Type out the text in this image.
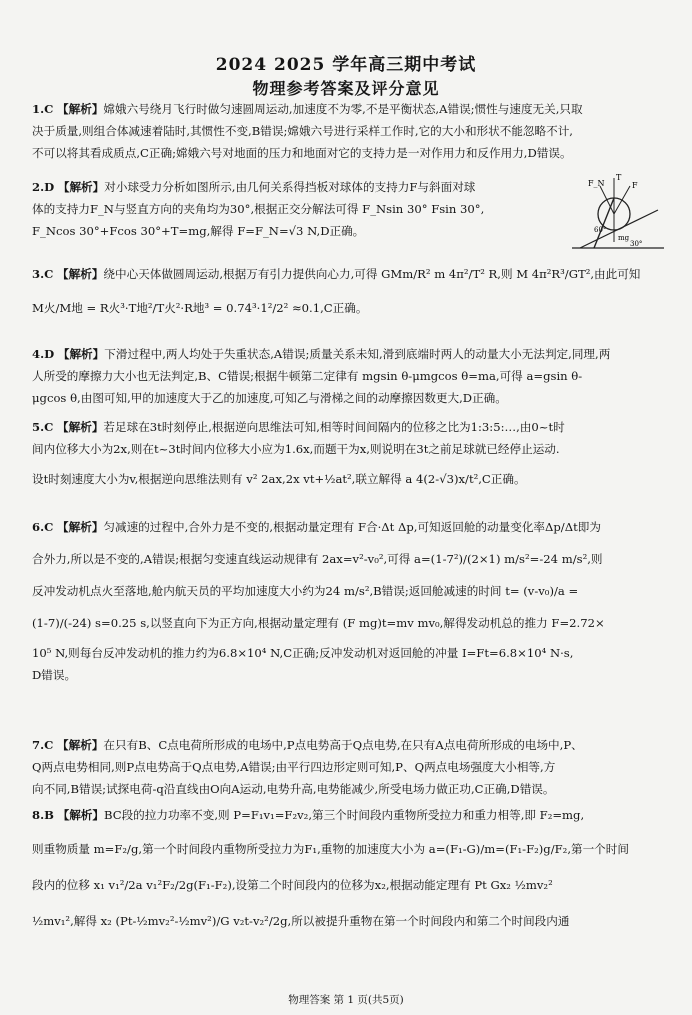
2024 2025 学年高三期中考试
物理参考答案及评分意见
1.C 【解析】嫦娥六号绕月飞行时做匀速圆周运动,加速度不为零,不是平衡状态,A错误;惯性与速度无关,只取
决于质量,则组合体减速着陆时,其惯性不变,B错误;嫦娥六号进行采样工作时,它的大小和形状不能忽略不计,
不可以将其看成质点,C正确;嫦娥六号对地面的压力和地面对它的支持力是一对作用力和反作用力,D错误。
2.D 【解析】对小球受力分析如图所示,由几何关系得挡板对球体的支持力F与斜面对球
体的支持力F_N与竖直方向的夹角均为30°,根据正交分解法可得 F_Nsin 30° Fsin 30°,
F_Ncos 30°+Fcos 30°+T=mg,解得 F=F_N=√3 N,D正确。
F_N
T
F
60°
mg
30°
3.C 【解析】绕中心天体做圆周运动,根据万有引力提供向心力,可得 GMm/R² m 4π²/T² R,则 M 4π²R³/GT²,由此可知
M火/M地 = R火³·T地²/T火²·R地³ = 0.74³·1²/2² ≈0.1,C正确。
4.D 【解析】下滑过程中,两人均处于失重状态,A错误;质量关系未知,滑到底端时两人的动量大小无法判定,同理,两
人所受的摩擦力大小也无法判定,B、C错误;根据牛顿第二定律有 mgsin θ-μmgcos θ=ma,可得 a=gsin θ-
μgcos θ,由图可知,甲的加速度大于乙的加速度,可知乙与滑梯之间的动摩擦因数更大,D正确。
5.C 【解析】若足球在3t时刻停止,根据逆向思维法可知,相等时间间隔内的位移之比为1:3:5:…,由0~t时
间内位移大小为2x,则在t~3t时间内位移大小应为1.6x,而题干为x,则说明在3t之前足球就已经停止运动.
设t时刻速度大小为v,根据逆向思维法则有 v² 2ax,2x vt+½at²,联立解得 a 4(2-√3)x/t²,C正确。
6.C 【解析】匀减速的过程中,合外力是不变的,根据动量定理有 F合·Δt Δp,可知返回舱的动量变化率Δp/Δt即为
合外力,所以是不变的,A错误;根据匀变速直线运动规律有 2ax=v²-v₀²,可得 a=(1-7²)/(2×1) m/s²=-24 m/s²,则
反冲发动机点火至落地,舱内航天员的平均加速度大小约为24 m/s²,B错误;返回舱减速的时间 t= (v-v₀)/a =
(1-7)/(-24) s=0.25 s,以竖直向下为正方向,根据动量定理有 (F mg)t=mv mv₀,解得发动机总的推力 F=2.72×
10⁵ N,则每台反冲发动机的推力约为6.8×10⁴ N,C正确;反冲发动机对返回舱的冲量 I=Ft=6.8×10⁴ N·s,
D错误。
7.C 【解析】在只有B、C点电荷所形成的电场中,P点电势高于Q点电势,在只有A点电荷所形成的电场中,P、
Q两点电势相同,则P点电势高于Q点电势,A错误;由平行四边形定则可知,P、Q两点电场强度大小相等,方
向不同,B错误;试探电荷-q沿直线由O向A运动,电势升高,电势能减少,所受电场力做正功,C正确,D错误。
8.B 【解析】BC段的拉力功率不变,则 P=F₁v₁=F₂v₂,第三个时间段内重物所受拉力和重力相等,即 F₂=mg,
则重物质量 m=F₂/g,第一个时间段内重物所受拉力为F₁,重物的加速度大小为 a=(F₁-G)/m=(F₁-F₂)g/F₂,第一个时间
段内的位移 x₁ v₁²/2a v₁²F₂/2g(F₁-F₂),设第二个时间段内的位移为x₂,根据动能定理有 Pt Gx₂ ½mv₂²
½mv₁²,解得 x₂ (Pt-½mv₂²-½mv²)/G v₂t-v₂²/2g,所以被提升重物在第一个时间段内和第二个时间段内通
物理答案 第 1 页(共5页)
